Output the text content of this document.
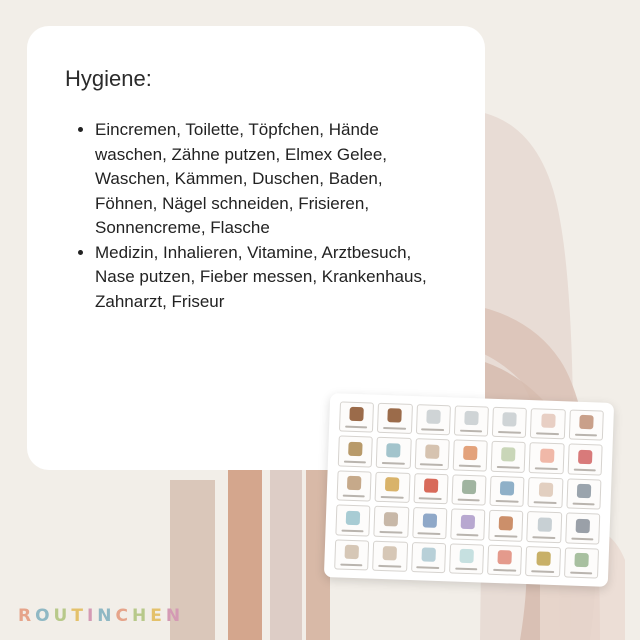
Hygiene:
• Eincremen, Toilette, Töpfchen, Hände waschen, Zähne putzen, Elmex Gelee, Waschen, Kämmen, Duschen, Baden, Föhnen, Nägel schneiden, Frisieren, Sonnencreme, Flasche
• Medizin, Inhalieren, Vitamine, Arztbesuch, Nase putzen, Fieber messen, Krankenhaus, Zahnarzt, Friseur
ROUTINCHEN
